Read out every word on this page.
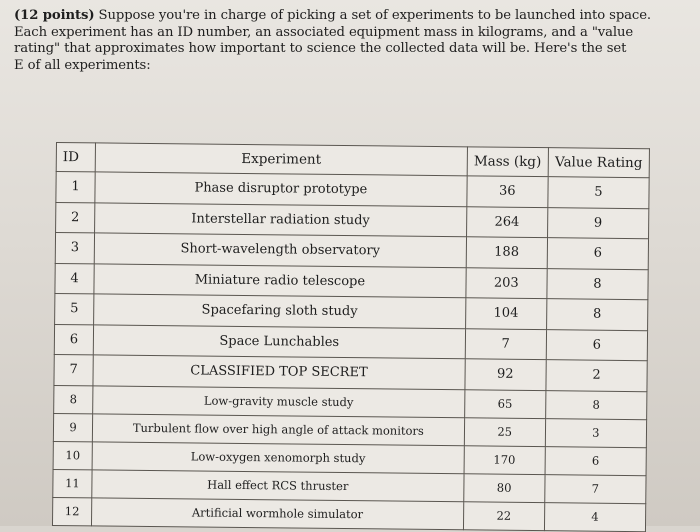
(12 points) Suppose you're in charge of picking a set of experiments to be launched into space.
Each experiment has an ID number, an associated equipment mass in kilograms, and a "value
rating" that approximates how important to science the collected data will be. Here's the set
E of all experiments:
ID	Experiment	Mass (kg)	Value Rating
1	Phase disruptor prototype	36	5
2	Interstellar radiation study	264	9
3	Short-wavelength observatory	188	6
4	Miniature radio telescope	203	8
5	Spacefaring sloth study	104	8
6	Space Lunchables	7	6
7	CLASSIFIED TOP SECRET	92	2
8	Low-gravity muscle study	65	8
9	Turbulent flow over high angle of attack monitors	25	3
10	Low-oxygen xenomorph study	170	6
11	Hall effect RCS thruster	80	7
12	Artificial wormhole simulator	22	4
